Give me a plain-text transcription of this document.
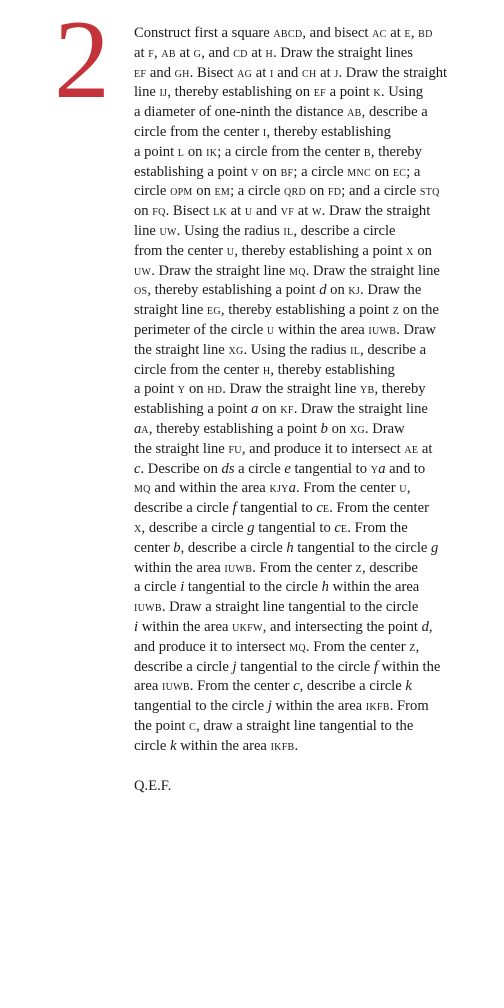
2	Construct first a square abcd, and bisect ac at e, bd
at f, ab at g, and cd at h. Draw the straight lines
ef and gh. Bisect ag at i and ch at j. Draw the straight
line ij, thereby establishing on ef a point k. Using
a diameter of one-ninth the distance ab, describe a
circle from the center i, thereby establishing
a point l on ik; a circle from the center b, thereby
establishing a point v on bf; a circle mnc on ec; a
circle opm on em; a circle qrd on fd; and a circle stq
on fq. Bisect lk at u and vf at w. Draw the straight
line uw. Using the radius il, describe a circle
from the center u, thereby establishing a point x on
uw. Draw the straight line mq. Draw the straight line
os, thereby establishing a point d on kj. Draw the
straight line eg, thereby establishing a point z on the
perimeter of the circle u within the area iuwb. Draw
the straight line xg. Using the radius il, describe a
circle from the center h, thereby establishing
a point y on hd. Draw the straight line yb, thereby
establishing a point a on kf. Draw the straight line
aa, thereby establishing a point b on xg. Draw
the straight line fu, and produce it to intersect ae at
c. Describe on ds a circle e tangential to ya and to
mq and within the area kjya. From the center u,
describe a circle f tangential to ce. From the center
x, describe a circle g tangential to ce. From the
center b, describe a circle h tangential to the circle g
within the area iuwb. From the center z, describe
a circle i tangential to the circle h within the area
iuwb. Draw a straight line tangential to the circle
i within the area ukfw, and intersecting the point d,
and produce it to intersect mq. From the center z,
describe a circle j tangential to the circle f within the
area iuwb. From the center c, describe a circle k
tangential to the circle j within the area ikfb. From
the point c, draw a straight line tangential to the
circle k within the area ikfb.
Q.E.F.
